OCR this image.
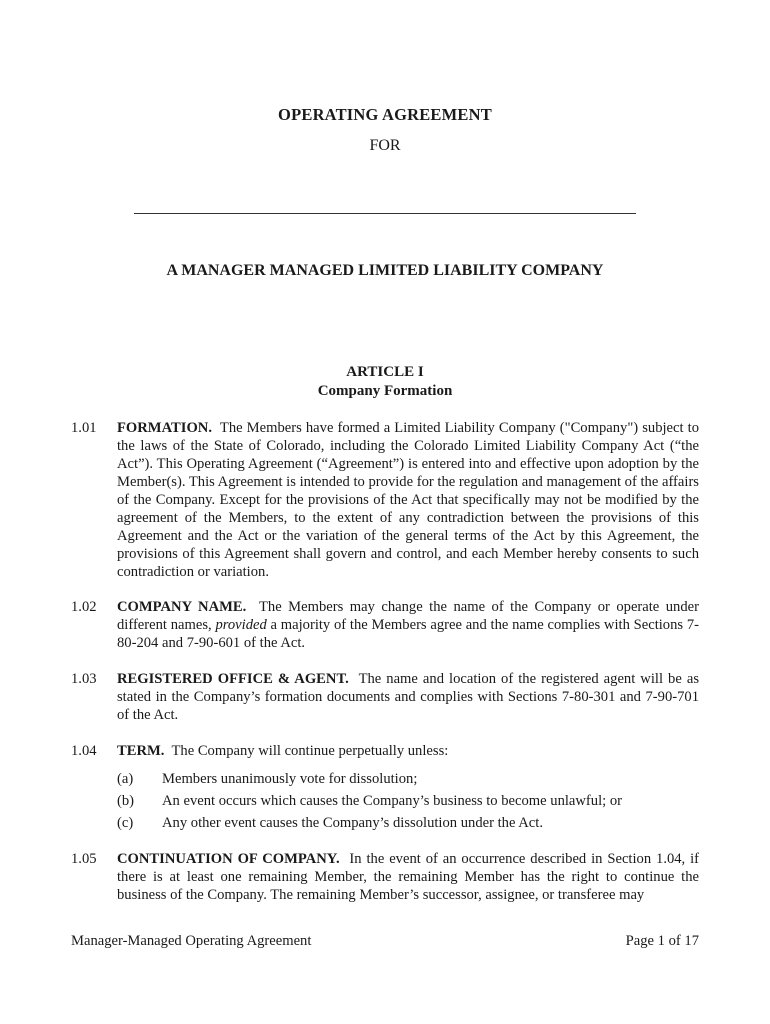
OPERATING AGREEMENT
FOR
A MANAGER MANAGED LIMITED LIABILITY COMPANY
ARTICLE I
Company Formation
1.01	FORMATION. The Members have formed a Limited Liability Company ("Company") subject to the laws of the State of Colorado, including the Colorado Limited Liability Company Act (“the Act”). This Operating Agreement (“Agreement”) is entered into and effective upon adoption by the Member(s). This Agreement is intended to provide for the regulation and management of the affairs of the Company. Except for the provisions of the Act that specifically may not be modified by the agreement of the Members, to the extent of any contradiction between the provisions of this Agreement and the Act or the variation of the general terms of the Act by this Agreement, the provisions of this Agreement shall govern and control, and each Member hereby consents to such contradiction or variation.

1.02	COMPANY NAME. The Members may change the name of the Company or operate under different names, provided a majority of the Members agree and the name complies with Sections 7-80-204 and 7-90-601 of the Act.

1.03	REGISTERED OFFICE & AGENT. The name and location of the registered agent will be as stated in the Company’s formation documents and complies with Sections 7-80-301 and 7-90-701 of the Act.

1.04	TERM. The Company will continue perpetually unless:

(a) Members unanimously vote for dissolution;
(b) An event occurs which causes the Company’s business to become unlawful; or
(c) Any other event causes the Company’s dissolution under the Act.
1.05	CONTINUATION OF COMPANY. In the event of an occurrence described in Section 1.04, if there is at least one remaining Member, the remaining Member has the right to continue the business of the Company. The remaining Member’s successor, assignee, or transferee may

Manager-Managed Operating Agreement	Page 1 of 17
